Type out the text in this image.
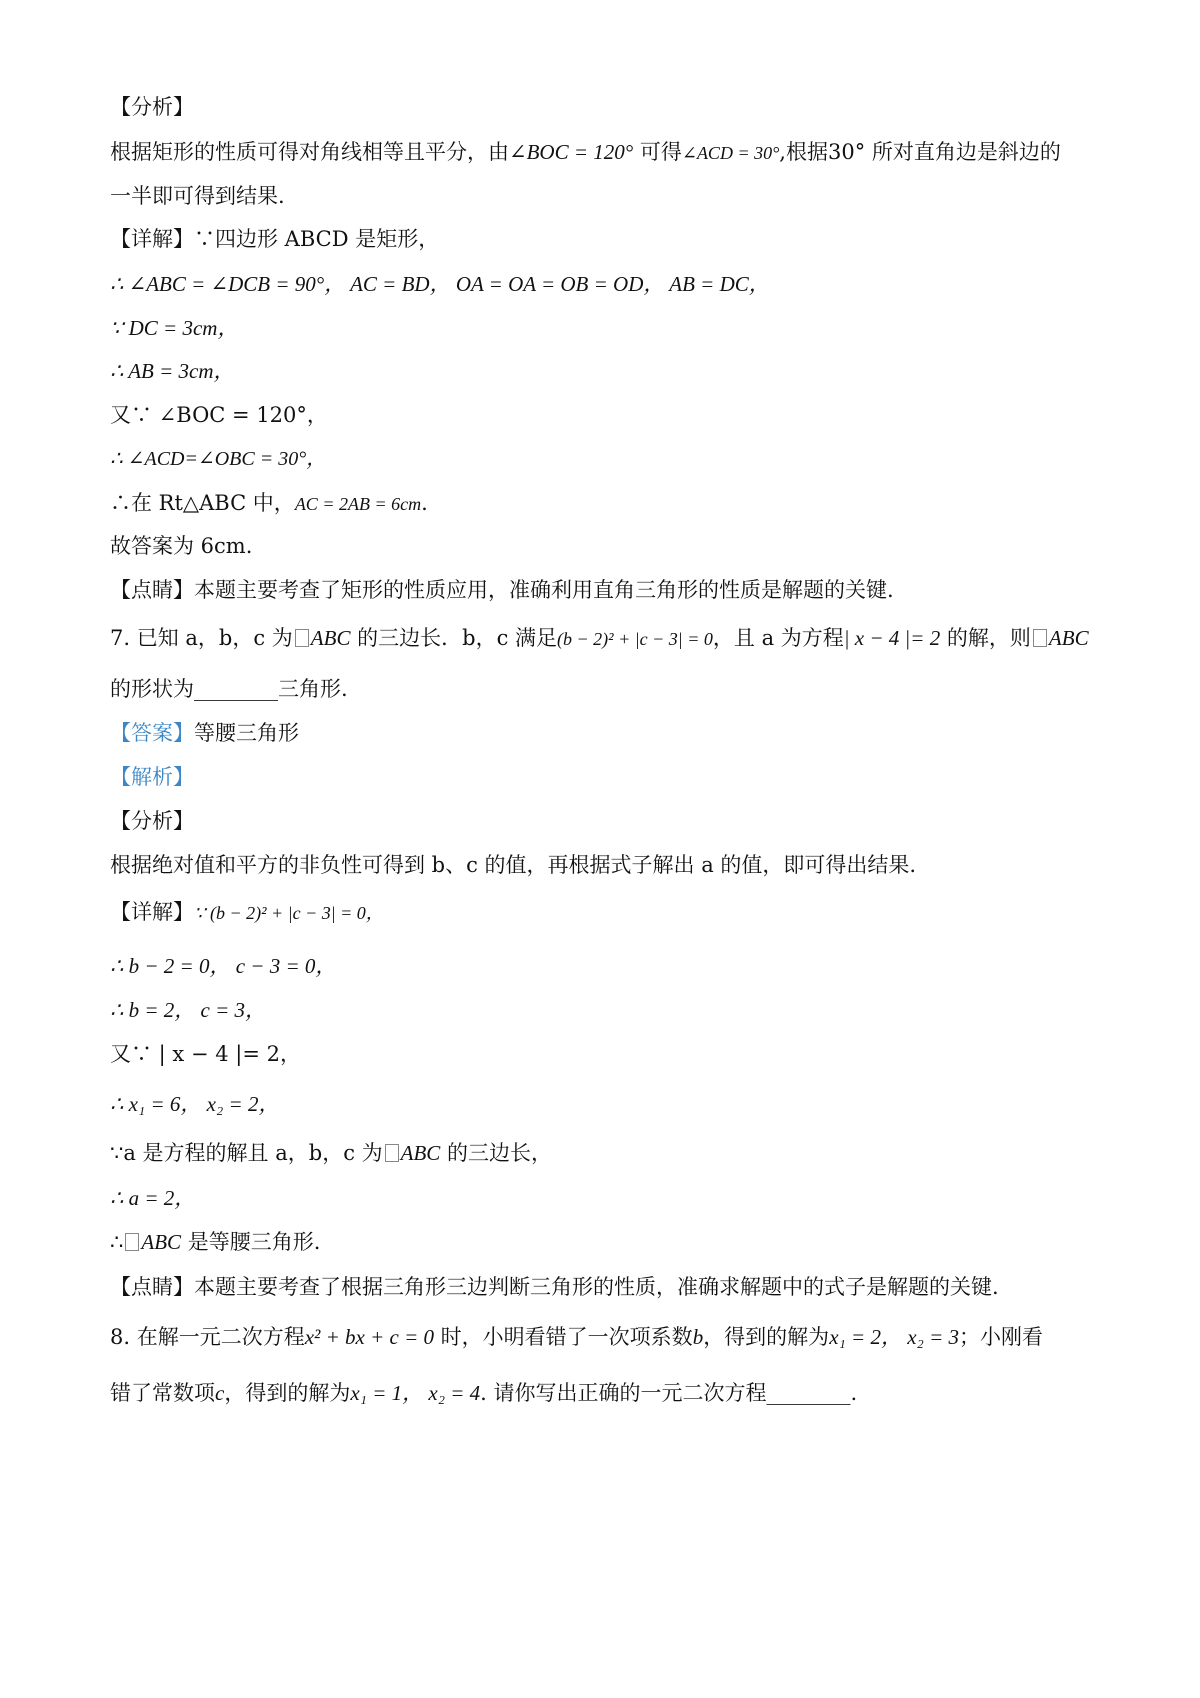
【分析】
根据矩形的性质可得对角线相等且平分，由∠BOC = 120° 可得∠ACD = 30°,根据30° 所对直角边是斜边的
一半即可得到结果.
【详解】∵四边形 ABCD 是矩形，
∴ ∠ABC = ∠DCB = 90°， AC = BD， OA = OA = OB = OD， AB = DC，
∵ DC = 3cm，
∴ AB = 3cm，
又∵ ∠BOC = 120°，
∴ ∠ACD=∠OBC = 30°，
∴在 Rt△ABC 中，AC = 2AB = 6cm.
故答案为 6cm.
【点睛】本题主要考查了矩形的性质应用，准确利用直角三角形的性质是解题的关键.
7. 已知 a，b，c 为 ABC 的三边长．b，c 满足(b − 2)² + |c − 3| = 0，且 a 为方程| x − 4 |= 2 的解，则 ABC
的形状为________三角形.
【答案】等腰三角形
【解析】
【分析】
根据绝对值和平方的非负性可得到 b、c 的值，再根据式子解出 a 的值，即可得出结果.
【详解】∵ (b − 2)² + |c − 3| = 0，
∴ b − 2 = 0， c − 3 = 0，
∴ b = 2， c = 3，
又∵ | x − 4 |= 2，
∴ x₁ = 6， x₂ = 2，
∵a 是方程的解且 a，b，c 为 ABC 的三边长，
∴ a = 2，
∴ ABC 是等腰三角形.
【点睛】本题主要考查了根据三角形三边判断三角形的性质，准确求解题中的式子是解题的关键.
8. 在解一元二次方程x² + bx + c = 0 时，小明看错了一次项系数b，得到的解为x₁ = 2， x₂ = 3；小刚看
错了常数项c，得到的解为x₁ = 1， x₂ = 4. 请你写出正确的一元二次方程________.
